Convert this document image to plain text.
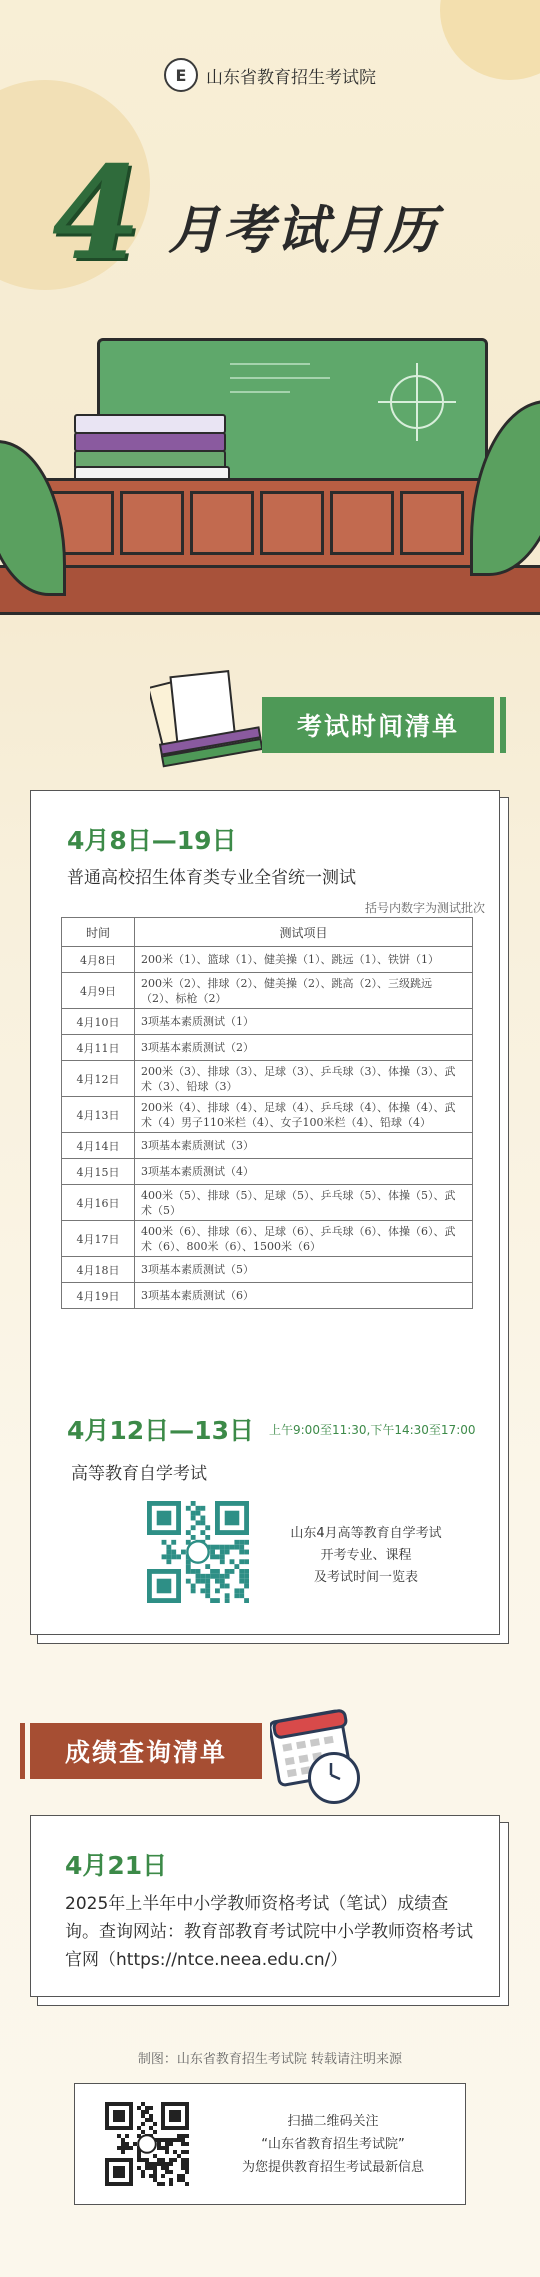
E	山东省教育招生考试院
4 月考试月历
考试时间清单
4月8日—19日
普通高校招生体育类专业全省统一测试
括号内数字为测试批次
时间	测试项目
4月8日	200米（1）、篮球（1）、健美操（1）、跳远（1）、铁饼（1）
4月9日	200米（2）、排球（2）、健美操（2）、跳高（2）、三级跳远（2）、标枪（2）
4月10日	3项基本素质测试（1）
4月11日	3项基本素质测试（2）
4月12日	200米（3）、排球（3）、足球（3）、乒乓球（3）、体操（3）、武术（3）、铅球（3）
4月13日	200米（4）、排球（4）、足球（4）、乒乓球（4）、体操（4）、武术（4）男子110米栏（4）、女子100米栏（4）、铅球（4）
4月14日	3项基本素质测试（3）
4月15日	3项基本素质测试（4）
4月16日	400米（5）、排球（5）、足球（5）、乒乓球（5）、体操（5）、武术（5）
4月17日	400米（6）、排球（6）、足球（6）、乒乓球（6）、体操（6）、武术（6）、800米（6）、1500米（6）
4月18日	3项基本素质测试（5）
4月19日	3项基本素质测试（6）
4月12日—13日 上午9:00至11:30,下午14:30至17:00
高等教育自学考试
山东4月高等教育自学考试
开考专业、课程
及考试时间一览表
成绩查询清单
4月21日
2025年上半年中小学教师资格考试（笔试）成绩查询。查询网站：教育部教育考试院中小学教师资格考试官网（https://ntce.neea.edu.cn/）
制图：山东省教育招生考试院 转载请注明来源
扫描二维码关注
“山东省教育招生考试院”
为您提供教育招生考试最新信息
